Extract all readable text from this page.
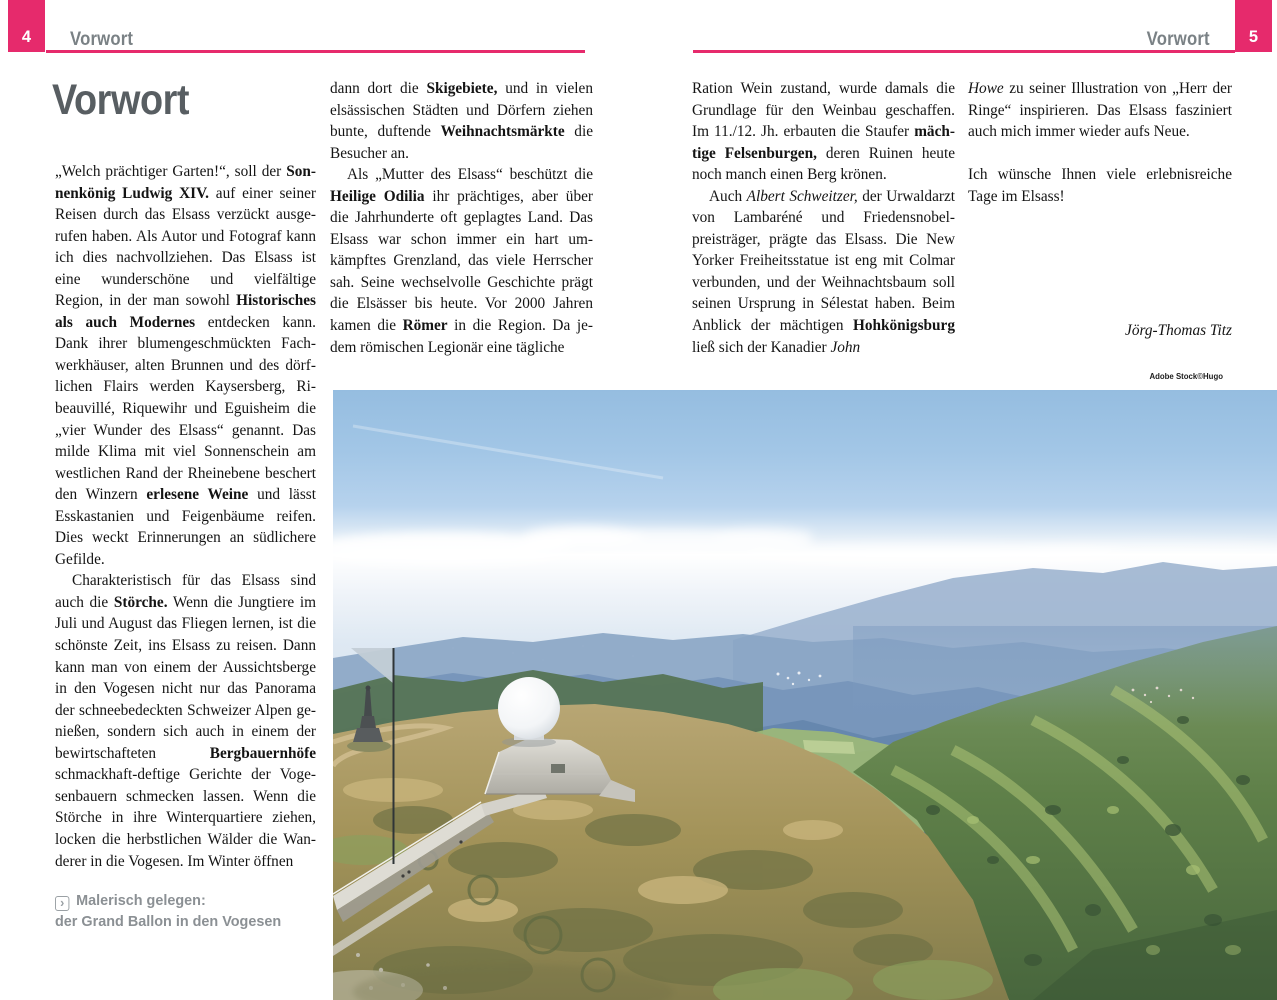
4	Vorwort	Vorwort	5
Vorwort

„Welch prächtiger Garten!“, soll der Sonnenkönig Ludwig XIV. auf einer seiner Reisen durch das Elsass verzückt ausgerufen haben. Als Autor und Fotograf kann ich dies nachvollziehen. Das Elsass ist eine wunderschöne und vielfältige Region, in der man sowohl Historisches als auch Modernes entdecken kann. Dank ihrer blumengeschmückten Fachwerkhäuser, alten Brunnen und des dörflichen Flairs werden Kaysersberg, Ribeauvillé, Riquewihr und Eguisheim die „vier Wunder des Elsass“ genannt. Das milde Klima mit viel Sonnenschein am westlichen Rand der Rheinebene beschert den Winzern erlesene Weine und lässt Esskastanien und Feigenbäume reifen. Dies weckt Erinnerungen an südlichere Gefilde.

Charakteristisch für das Elsass sind auch die Störche. Wenn die Jungtiere im Juli und August das Fliegen lernen, ist die schönste Zeit, ins Elsass zu reisen. Dann kann man von einem der Aussichtsberge in den Vogesen nicht nur das Panorama der schneebedeckten Schweizer Alpen genießen, sondern sich auch in einem der bewirtschafteten Bergbauernhöfe schmackhaft-deftige Gerichte der Vogesenbauern schmecken lassen. Wenn die Störche in ihre Winterquartiere ziehen, locken die herbstlichen Wälder die Wanderer in die Vogesen. Im Winter öffnen

dann dort die Skigebiete, und in vielen elsässischen Städten und Dörfern ziehen bunte, duftende Weihnachtsmärkte die Besucher an.

Als „Mutter des Elsass“ beschützt die Heilige Odilia ihr prächtiges, aber über die Jahrhunderte oft geplagtes Land. Das Elsass war schon immer ein hart umkämpftes Grenzland, das viele Herrscher sah. Seine wechselvolle Geschichte prägt die Elsässer bis heute. Vor 2000 Jahren kamen die Römer in die Region. Da jedem römischen Legionär eine tägliche

Ration Wein zustand, wurde damals die Grundlage für den Weinbau geschaffen. Im 11./12. Jh. erbauten die Staufer mächtige Felsenburgen, deren Ruinen heute noch manch einen Berg krönen.

Auch Albert Schweitzer, der Urwaldarzt von Lambaréné und Friedensnobelpreisträger, prägte das Elsass. Die New Yorker Freiheitsstatue ist eng mit Colmar verbunden, und der Weihnachtsbaum soll seinen Ursprung in Sélestat haben. Beim Anblick der mächtigen Hohkönigsburg ließ sich der Kanadier John

Howe zu seiner Illustration von „Herr der Ringe“ inspirieren. Das Elsass fasziniert auch mich immer wieder aufs Neue.

Ich wünsche Ihnen viele erlebnisreiche Tage im Elsass!

Jörg-Thomas Titz
› Malerisch gelegen:
der Grand Ballon in den Vogesen
Adobe Stock©Hugo
